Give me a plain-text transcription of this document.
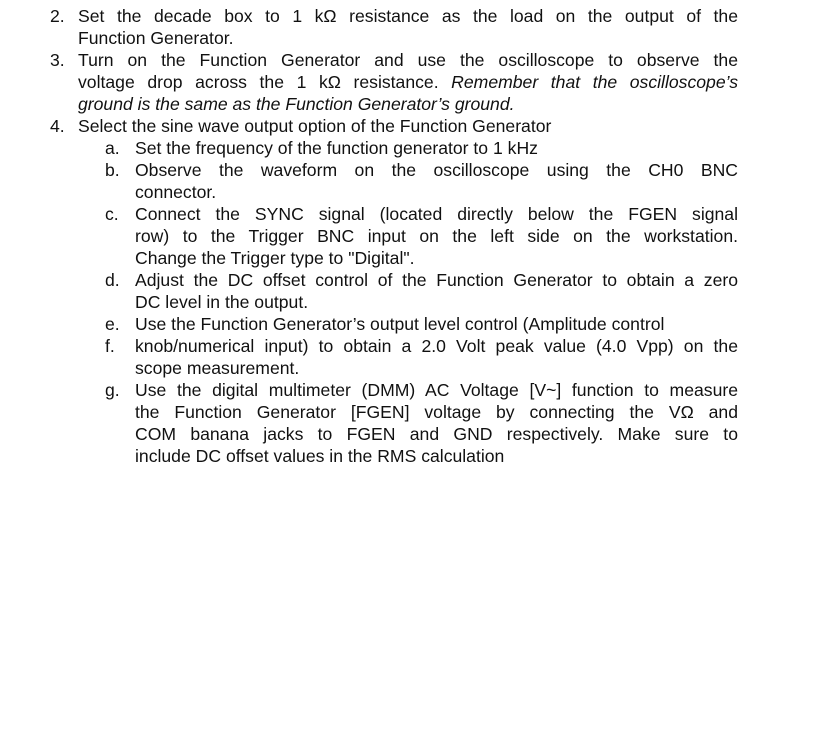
2. Set the decade box to 1 kΩ resistance as the load on the output of the
Function Generator.
3. Turn on the Function Generator and use the oscilloscope to observe the
voltage drop across the 1 kΩ resistance. Remember that the oscilloscope’s
ground is the same as the Function Generator’s ground.
4. Select the sine wave output option of the Function Generator
a. Set the frequency of the function generator to 1 kHz
b. Observe the waveform on the oscilloscope using the CH0 BNC
connector.
c. Connect the SYNC signal (located directly below the FGEN signal
row) to the Trigger BNC input on the left side on the workstation.
Change the Trigger type to "Digital".
d. Adjust the DC offset control of the Function Generator to obtain a zero
DC level in the output.
e. Use the Function Generator’s output level control (Amplitude control
f. knob/numerical input) to obtain a 2.0 Volt peak value (4.0 Vpp) on the
scope measurement.
g. Use the digital multimeter (DMM) AC Voltage [V~] function to measure
the Function Generator [FGEN] voltage by connecting the VΩ and
COM banana jacks to FGEN and GND respectively. Make sure to
include DC offset values in the RMS calculation
